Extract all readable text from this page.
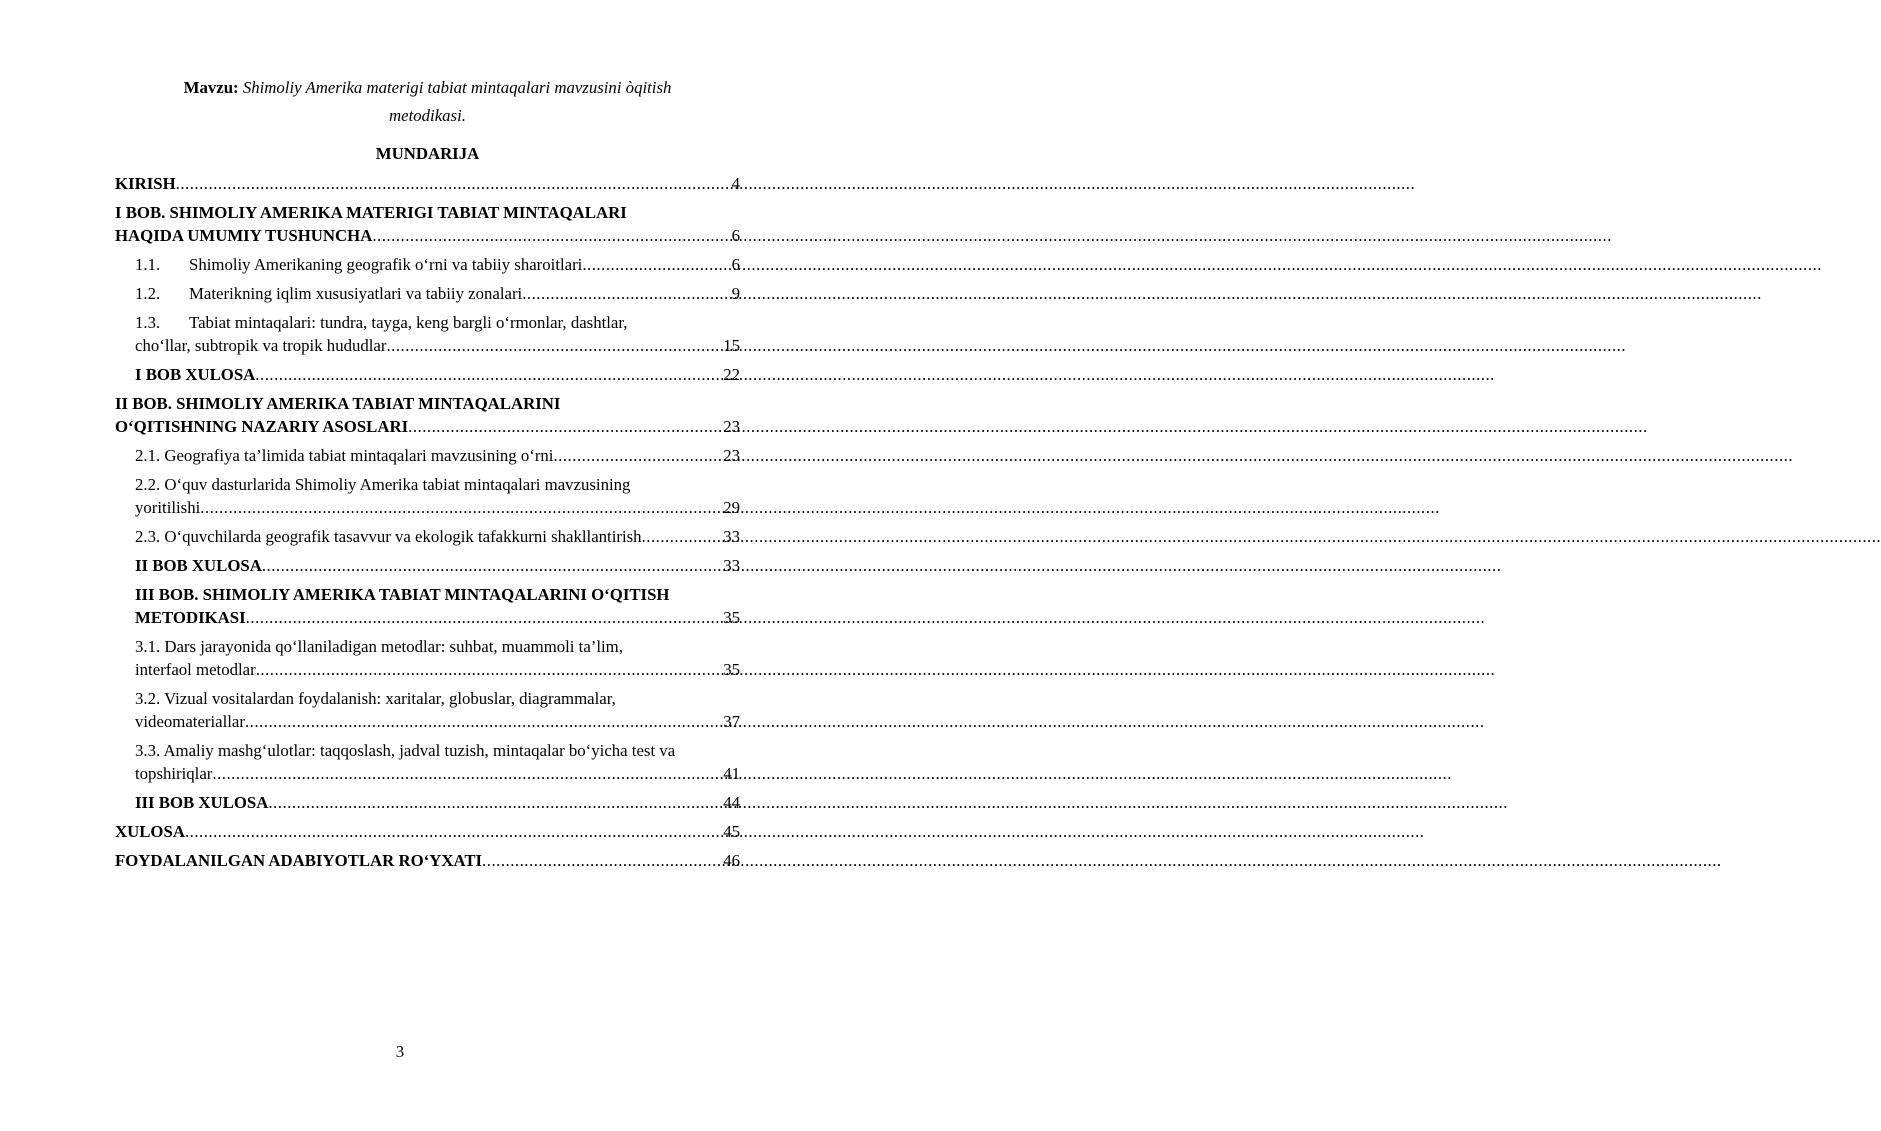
Mavzu: Shimoliy Amerika materigi tabiat mintaqalari mavzusini òqitish
metodikasi.
MUNDARIJA
KIRISH .....	4
I BOB. SHIMOLIY AMERIKA MATERIGI TABIAT MINTAQALARI
HAQIDA UMUMIY TUSHUNCHA .....	6
1.1. Shimoliy Amerikaning geografik o‘rni va tabiiy sharoitlari .....	6
1.2. Materikning iqlim xususiyatlari va tabiiy zonalari .....	9
1.3. Tabiat mintaqalari: tundra, tayga, keng bargli o‘rmonlar, dashtlar,
cho‘llar, subtropik va tropik hududlar .....	15
I BOB XULOSA .....	22
II BOB. SHIMOLIY AMERIKA TABIAT MINTAQALARINI
O‘QITISHNING NAZARIY ASOSLARI .....	23
2.1. Geografiya ta’limida tabiat mintaqalari mavzusining o‘rni .....	23
2.2. O‘quv dasturlarida Shimoliy Amerika tabiat mintaqalari mavzusining
yoritilishi .....	29
2.3. O‘quvchilarda geografik tasavvur va ekologik tafakkurni shakllantirish .....	33
II BOB XULOSA .....	33
III BOB. SHIMOLIY AMERIKA TABIAT MINTAQALARINI O‘QITISH
METODIKASI .....	35
3.1. Dars jarayonida qo‘llaniladigan metodlar: suhbat, muammoli ta’lim,
interfaol metodlar .....	35
3.2. Vizual vositalardan foydalanish: xaritalar, globuslar, diagrammalar,
videomateriallar .....	37
3.3. Amaliy mashg‘ulotlar: taqqoslash, jadval tuzish, mintaqalar bo‘yicha test va
topshiriqlar .....	41
III BOB XULOSA .....	44
XULOSA .....	45
FOYDALANILGAN ADABIYOTLAR RO‘YXATI .....	46
3
